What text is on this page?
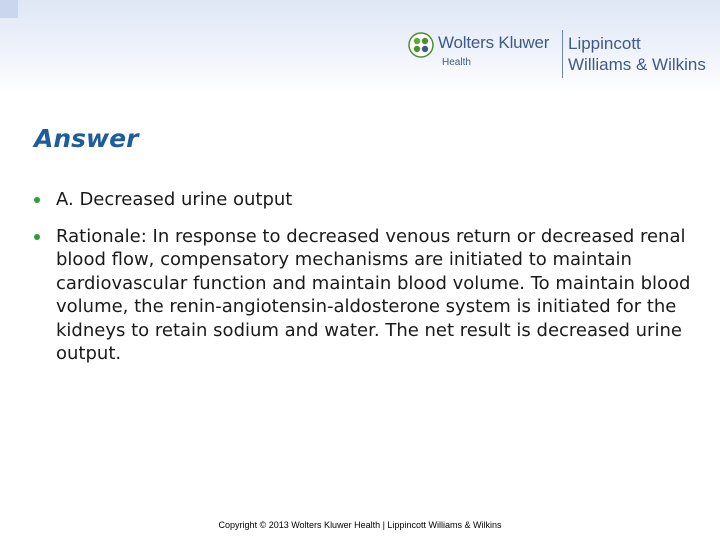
Wolters Kluwer
Health
Lippincott
Williams & Wilkins
Answer
A. Decreased urine output
Rationale: In response to decreased venous return or decreased renal blood flow, compensatory mechanisms are initiated to maintain cardiovascular function and maintain blood volume. To maintain blood volume, the renin-angiotensin-aldosterone system is initiated for the kidneys to retain sodium and water. The net result is decreased urine output.
Copyright © 2013 Wolters Kluwer Health | Lippincott Williams & Wilkins
